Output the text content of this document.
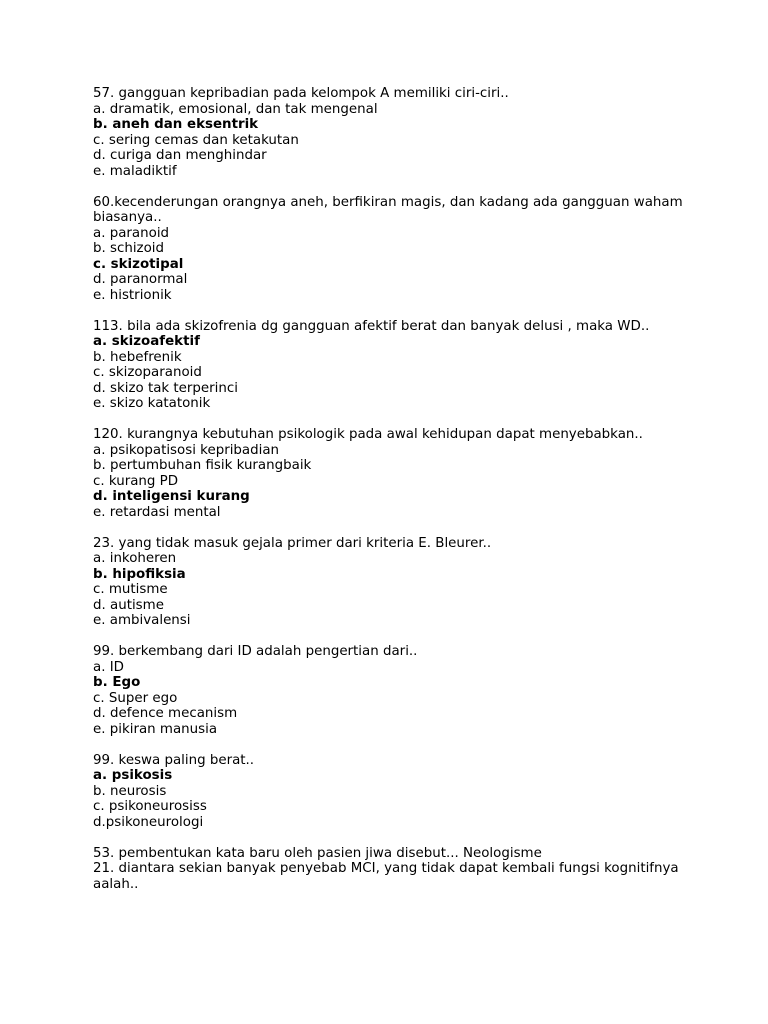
57. gangguan kepribadian pada kelompok A memiliki ciri-ciri..
a. dramatik, emosional, dan tak mengenal
b. aneh dan eksentrik
c. sering cemas dan ketakutan
d. curiga dan menghindar
e. maladiktif
60.kecenderungan orangnya aneh, berfikiran magis, dan kadang ada gangguan waham biasanya..
a. paranoid
b. schizoid
c. skizotipal
d. paranormal
e. histrionik
113. bila ada skizofrenia dg gangguan afektif berat dan banyak delusi , maka WD..
a. skizoafektif
b. hebefrenik
c. skizoparanoid
d. skizo tak terperinci
e. skizo katatonik
120. kurangnya kebutuhan psikologik pada awal kehidupan dapat menyebabkan..
a. psikopatisosi kepribadian
b. pertumbuhan fisik kurangbaik
c. kurang PD
d. inteligensi kurang
e. retardasi mental
23. yang tidak masuk gejala primer dari kriteria E. Bleurer..
a. inkoheren
b. hipofiksia
c. mutisme
d. autisme
e. ambivalensi
99. berkembang dari ID adalah pengertian dari..
a. ID
b. Ego
c. Super ego
d. defence mecanism
e. pikiran manusia
99. keswa paling berat..
a. psikosis
b. neurosis
c. psikoneurosiss
d.psikoneurologi
53. pembentukan kata baru oleh pasien jiwa disebut... Neologisme
21. diantara sekian banyak penyebab MCI, yang tidak dapat kembali fungsi kognitifnya aalah..
